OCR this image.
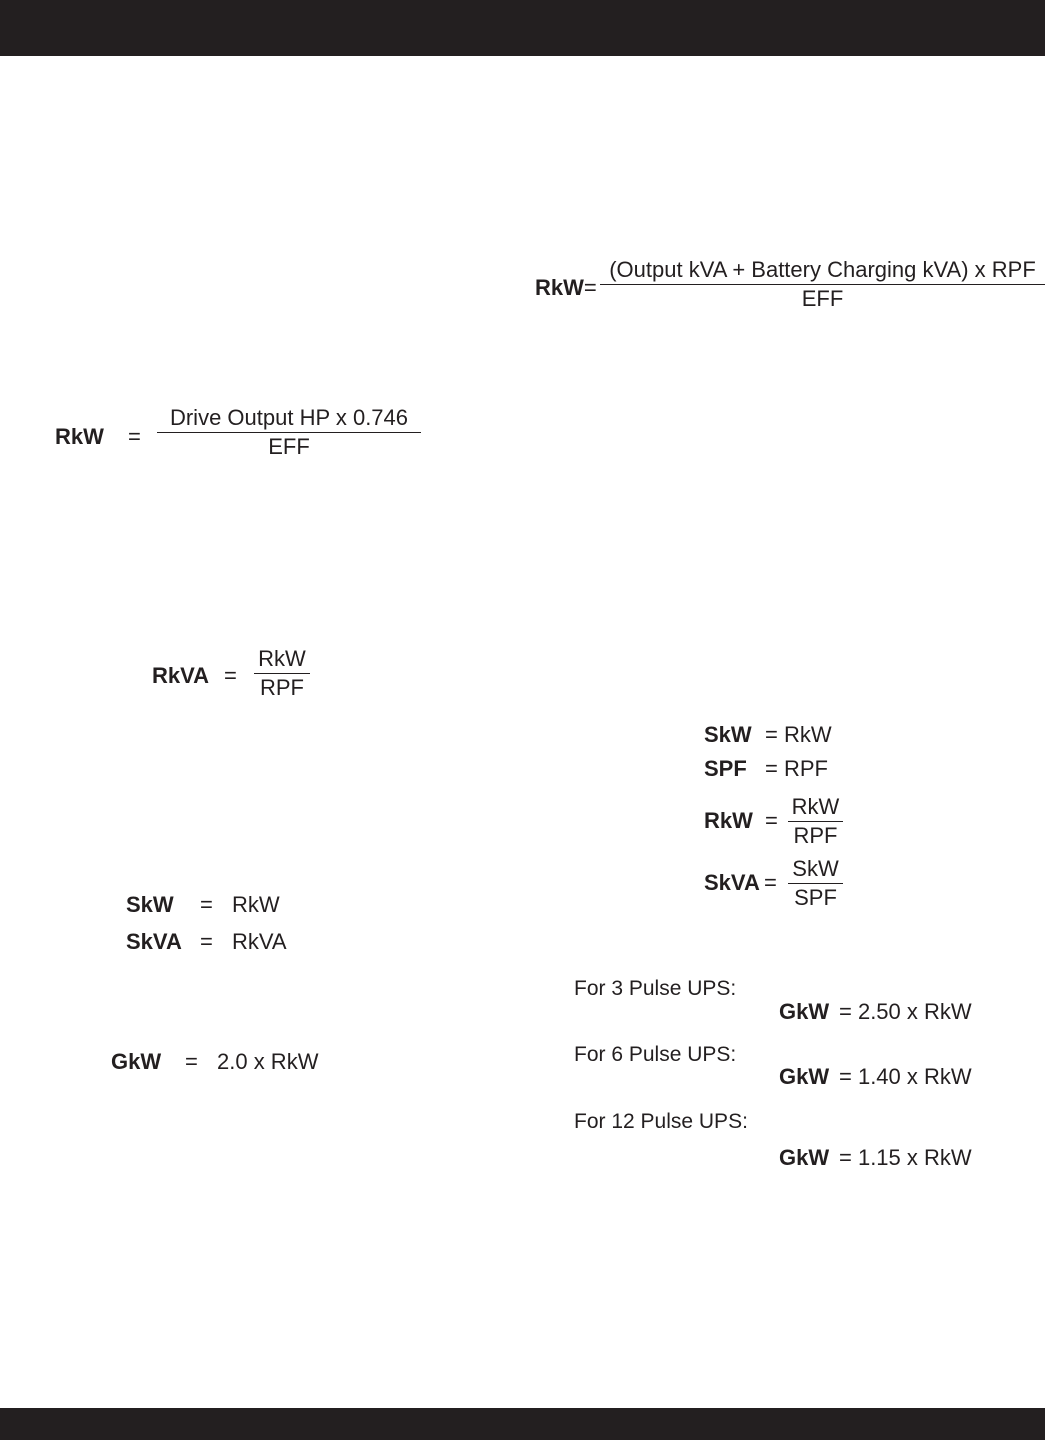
RkW=
(Output kVA + Battery Charging kVA) x RPF
EFF
RkW =
Drive Output HP x 0.746
EFF
RkVA =
RkW
RPF
SkW = RkW
SPF = RPF
RkW =
RkW
RPF
SkVA =
SkW
SPF
SkW = RkW
SkVA = RkVA
GkW = 2.0 x RkW
For 3 Pulse UPS:
GkW = 2.50 x RkW
For 6 Pulse UPS:
GkW = 1.40 x RkW
For 12 Pulse UPS:
GkW = 1.15 x RkW
